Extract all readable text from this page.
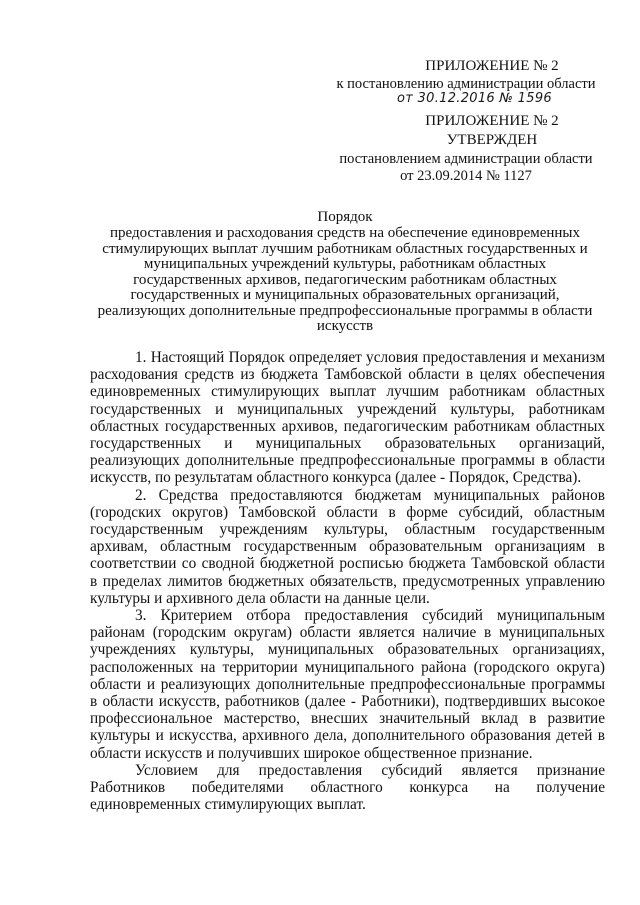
ПРИЛОЖЕНИЕ № 2
к постановлению администрации области
от 30.12.2016 № 1596
ПРИЛОЖЕНИЕ № 2
УТВЕРЖДЕН
постановлением администрации области
от 23.09.2014 № 1127
Порядок
предоставления и расходования средств на обеспечение единовременных стимулирующих выплат лучшим работникам областных государственных и муниципальных учреждений культуры, работникам областных государственных архивов, педагогическим работникам областных государственных и муниципальных образовательных организаций, реализующих дополнительные предпрофессиональные программы в области искусств

1. Настоящий Порядок определяет условия предоставления и механизм расходования средств из бюджета Тамбовской области в целях обеспечения единовременных стимулирующих выплат лучшим работникам областных государственных и муниципальных учреждений культуры, работникам областных государственных архивов, педагогическим работникам областных государственных и муниципальных образовательных организаций, реализующих дополнительные предпрофессиональные программы в области искусств, по результатам областного конкурса (далее - Порядок, Средства).

2. Средства предоставляются бюджетам муниципальных районов (городских округов) Тамбовской области в форме субсидий, областным государственным учреждениям культуры, областным государственным архивам, областным государственным образовательным организациям в соответствии со сводной бюджетной росписью бюджета Тамбовской области в пределах лимитов бюджетных обязательств, предусмотренных управлению культуры и архивного дела области на данные цели.

3. Критерием отбора предоставления субсидий муниципальным районам (городским округам) области является наличие в муниципальных учреждениях культуры, муниципальных образовательных организациях, расположенных на территории муниципального района (городского округа) области и реализующих дополнительные предпрофессиональные программы в области искусств, работников (далее - Работники), подтвердивших высокое профессиональное мастерство, внесших значительный вклад в развитие культуры и искусства, архивного дела, дополнительного образования детей в области искусств и получивших широкое общественное признание.

Условием для предоставления субсидий является признание Работников победителями областного конкурса на получение единовременных стимулирующих выплат.
